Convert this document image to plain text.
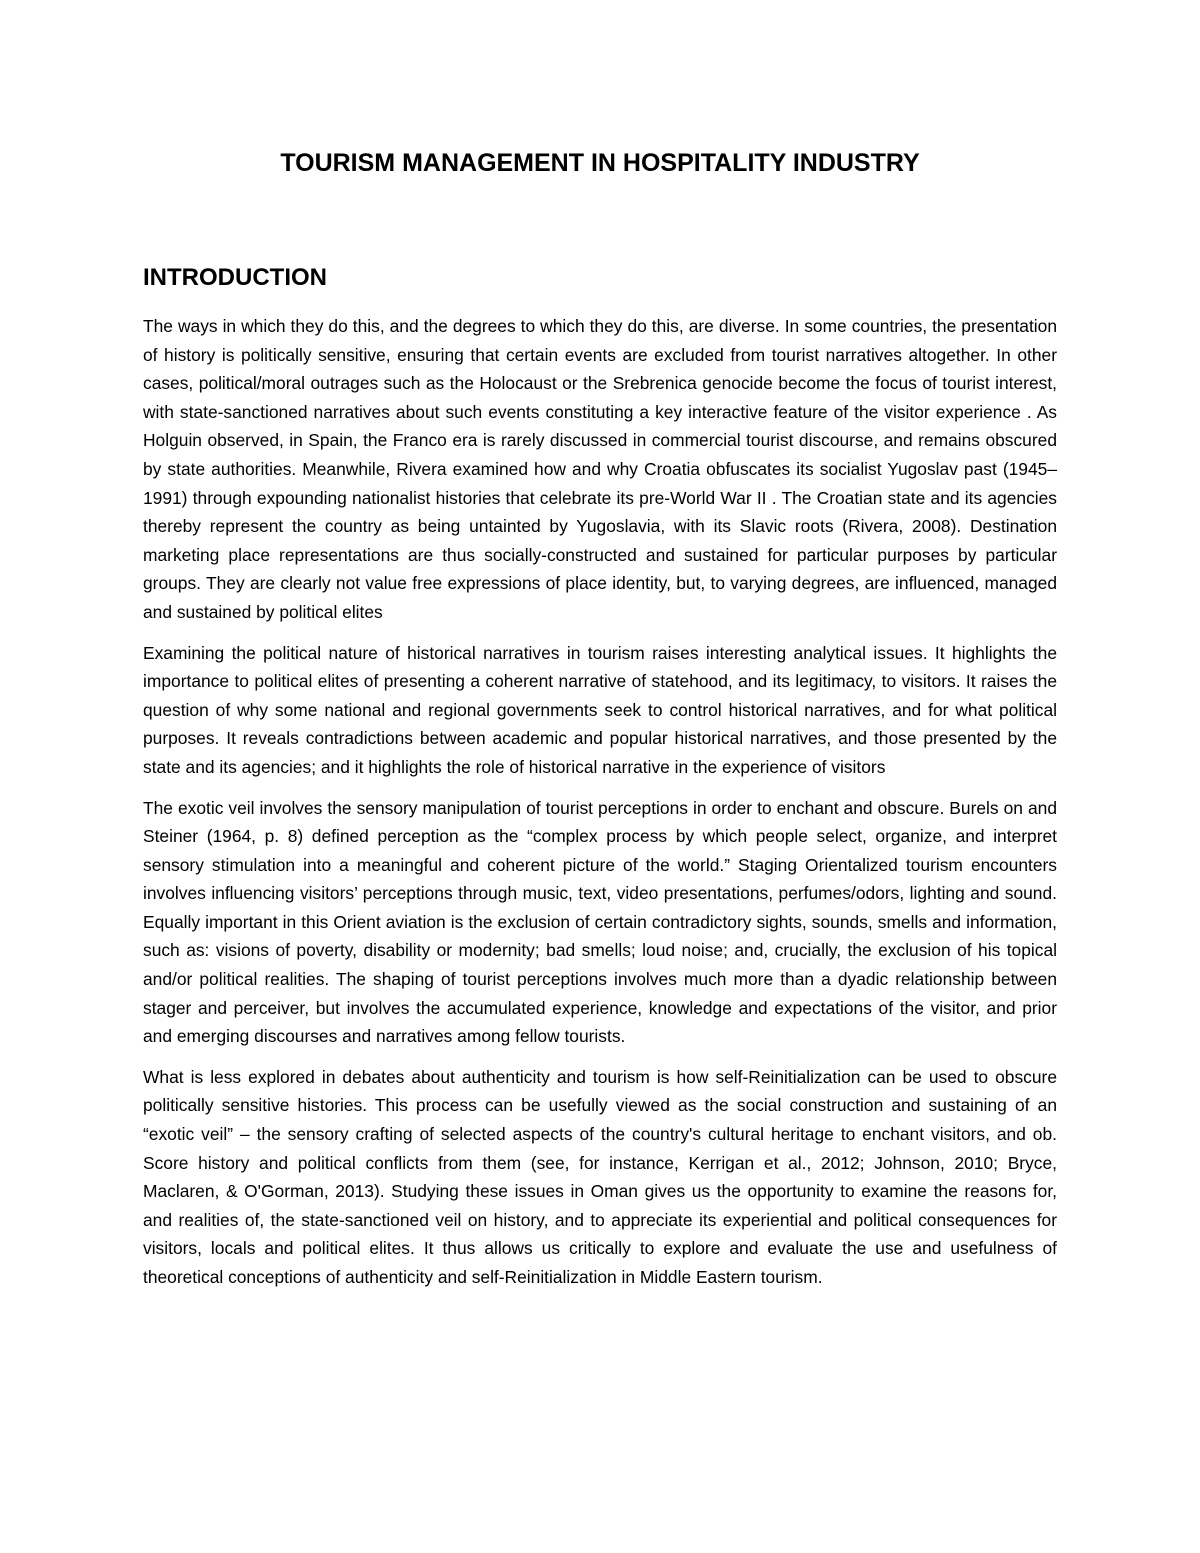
TOURISM MANAGEMENT IN HOSPITALITY INDUSTRY
INTRODUCTION

The ways in which they do this, and the degrees to which they do this, are diverse. In some countries, the presentation of history is politically sensitive, ensuring that certain events are excluded from tourist narratives altogether. In other cases, political/moral outrages such as the Holocaust or the Srebrenica genocide become the focus of tourist interest, with state-sanctioned narratives about such events constituting a key interactive feature of the visitor experience . As Holguin observed, in Spain, the Franco era is rarely discussed in commercial tourist discourse, and remains obscured by state authorities. Meanwhile, Rivera examined how and why Croatia obfuscates its socialist Yugoslav past (1945–1991) through expounding nationalist histories that celebrate its pre-World War II . The Croatian state and its agencies thereby represent the country as being untainted by Yugoslavia, with its Slavic roots (Rivera, 2008). Destination marketing place representations are thus socially-constructed and sustained for particular purposes by particular groups. They are clearly not value free expressions of place identity, but, to varying degrees, are influenced, managed and sustained by political elites

Examining the political nature of historical narratives in tourism raises interesting analytical issues. It highlights the importance to political elites of presenting a coherent narrative of statehood, and its legitimacy, to visitors. It raises the question of why some national and regional governments seek to control historical narratives, and for what political purposes. It reveals contradictions between academic and popular historical narratives, and those presented by the state and its agencies; and it highlights the role of historical narrative in the experience of visitors

The exotic veil involves the sensory manipulation of tourist perceptions in order to enchant and obscure. Burels on and Steiner (1964, p. 8) defined perception as the “complex process by which people select, organize, and interpret sensory stimulation into a meaningful and coherent picture of the world.” Staging Orientalized tourism encounters involves influencing visitors’ perceptions through music, text, video presentations, perfumes/odors, lighting and sound. Equally important in this Orient aviation is the exclusion of certain contradictory sights, sounds, smells and information, such as: visions of poverty, disability or modernity; bad smells; loud noise; and, crucially, the exclusion of his topical and/or political realities. The shaping of tourist perceptions involves much more than a dyadic relationship between stager and perceiver, but involves the accumulated experience, knowledge and expectations of the visitor, and prior and emerging discourses and narratives among fellow tourists.

What is less explored in debates about authenticity and tourism is how self-Reinitialization can be used to obscure politically sensitive histories. This process can be usefully viewed as the social construction and sustaining of an “exotic veil” – the sensory crafting of selected aspects of the country's cultural heritage to enchant visitors, and ob. Score history and political conflicts from them (see, for instance, Kerrigan et al., 2012; Johnson, 2010; Bryce, Maclaren, & O'Gorman, 2013). Studying these issues in Oman gives us the opportunity to examine the reasons for, and realities of, the state-sanctioned veil on history, and to appreciate its experiential and political consequences for visitors, locals and political elites. It thus allows us critically to explore and evaluate the use and usefulness of theoretical conceptions of authenticity and self-Reinitialization in Middle Eastern tourism.
